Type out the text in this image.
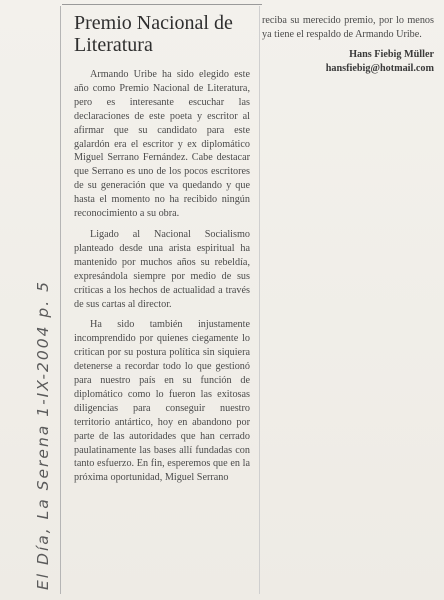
Premio Nacional de Literatura

Armando Uribe ha sido elegido este año como Premio Nacional de Literatura, pero es interesante escuchar las declaraciones de este poeta y escritor al afirmar que su candidato para este galardón era el escritor y ex diplomático Miguel Serrano Fernández. Cabe destacar que Serrano es uno de los pocos escritores de su generación que va quedando y que hasta el momento no ha recibido ningún reconocimiento a su obra.

Ligado al Nacional Socialismo planteado desde una arista espiritual ha mantenido por muchos años su rebeldía, expresándola siempre por medio de sus críticas a los hechos de actualidad a través de sus cartas al director.

Ha sido también injustamente incomprendido por quienes ciegamente lo critican por su postura política sin siquiera detenerse a recordar todo lo que gestionó para nuestro país en su función de diplomático como lo fueron las exitosas diligencias para conseguir nuestro territorio antártico, hoy en abandono por parte de las autoridades que han cerrado paulatinamente las bases allí fundadas con tanto esfuerzo. En fin, esperemos que en la próxima oportunidad, Miguel Serrano

reciba su merecido premio, por lo menos ya tiene el respaldo de Armando Uribe.

Hans Fiebig Müller

hansfiebig@hotmail.com

El Día, La Serena 1-IX-2004 p. 5
